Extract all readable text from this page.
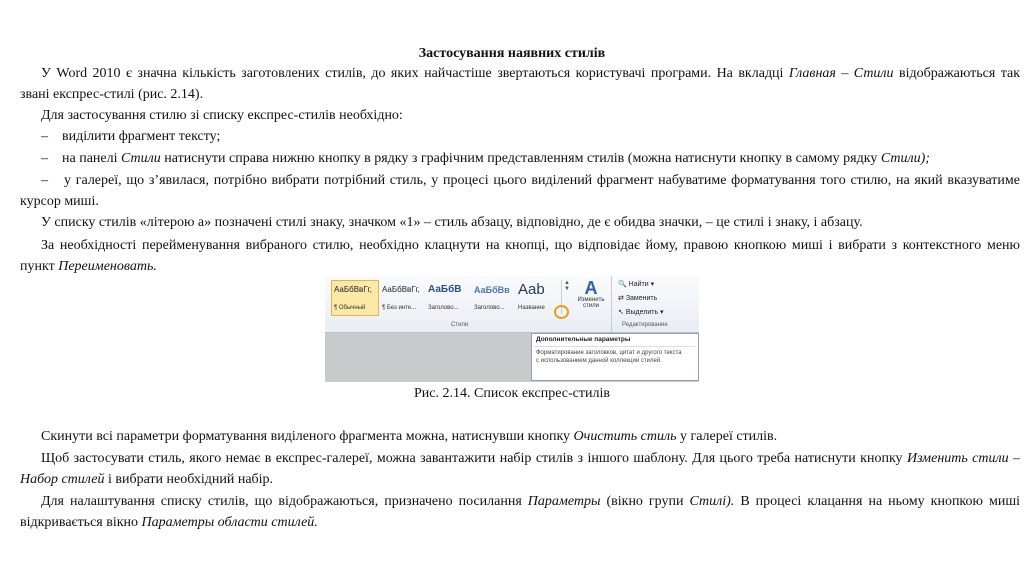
Застосування наявних стилів
У Word 2010 є значна кількість заготовлених стилів, до яких найчастіше звертаються користувачі програми. На вкладці Главная – Стили відображаються так
звані експрес-стилі (рис. 2.14).
Для застосування стилю зі списку експрес-стилів необхідно:
– виділити фрагмент тексту;
– на панелі Стили натиснути справа нижню кнопку в рядку з графічним представленням стилів (можна натиснути кнопку в самому рядку Стили);
– у галереї, що з’явилася, потрібно вибрати потрібний стиль, у процесі цього виділений фрагмент набуватиме форматування того стилю, на який вказуватиме
курсор миші.
У списку стилів «літерою а» позначені стилі знаку, значком «1» – стиль абзацу, відповідно, де є обидва значки, – це стилі і знаку, і абзацу.
За необхідності перейменування вибраного стилю, необхідно клацнути на кнопці, що відповідає йому, правою кнопкою миші і вибрати з контекстного меню
пункт Переименовать.
АаБбВвГг,
¶ Обычный
АаБбВвГг,
¶ Без инте...
АаБбВ
Заголово...
АаБбВв
Заголово...
Aab
Название
▲
▼ A
Изменить стили
Стили
🔍 Найти ▾
⇄ Заменить
↖ Выделить ▾
Редактирование
Дополнительные параметры
Форматирование заголовков, цитат и другого текста с использованием данной коллекции стилей.
Рис. 2.14. Список експрес-стилів
Скинути всі параметри форматування виділеного фрагмента можна, натиснувши кнопку Очистить стиль у галереї стилів.
Щоб застосувати стиль, якого немає в експрес-галереї, можна завантажити набір стилів з іншого шаблону. Для цього треба натиснути кнопку Изменить стили –
Набор стилей і вибрати необхідний набір.
Для налаштування списку стилів, що відображаються, призначено посилання Параметры (вікно групи Стилі). В процесі клацання на ньому кнопкою миші
відкривається вікно Параметры области стилей.
